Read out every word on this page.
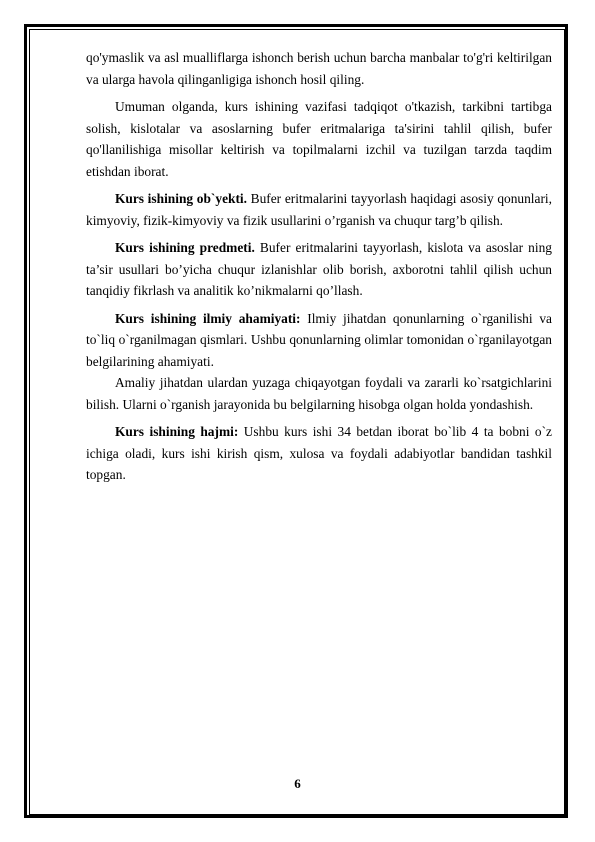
qo'ymaslik va asl mualliflarga ishonch berish uchun barcha manbalar to'g'ri keltirilgan va ularga havola qilinganligiga ishonch hosil qiling.

Umuman olganda, kurs ishining vazifasi tadqiqot o'tkazish, tarkibni tartibga solish, kislotalar va asoslarning bufer eritmalariga ta'sirini tahlil qilish, bufer qo'llanilishiga misollar keltirish va topilmalarni izchil va tuzilgan tarzda taqdim etishdan iborat.

Kurs ishining ob`yekti. Bufer eritmalarini tayyorlash haqidagi asosiy qonunlari, kimyoviy, fizik-kimyoviy va fizik usullarini o’rganish va chuqur targ’b qilish.

Kurs ishining predmeti. Bufer eritmalarini tayyorlash, kislota va asoslar ning ta’sir usullari bo’yicha chuqur izlanishlar olib borish, axborotni tahlil qilish uchun tanqidiy fikrlash va analitik ko’nikmalarni qo’llash.

Kurs ishining ilmiy ahamiyati: Ilmiy jihatdan qonunlarning o`rganilishi va to`liq o`rganilmagan qismlari. Ushbu qonunlarning olimlar tomonidan o`rganilayotgan belgilarining ahamiyati.

Amaliy jihatdan ulardan yuzaga chiqayotgan foydali va zararli ko`rsatgichlarini bilish. Ularni o`rganish jarayonida bu belgilarning hisobga olgan holda yondashish.

Kurs ishining hajmi: Ushbu kurs ishi 34 betdan iborat bo`lib 4 ta bobni o`z ichiga oladi, kurs ishi kirish qism, xulosa va foydali adabiyotlar bandidan tashkil topgan.

6
